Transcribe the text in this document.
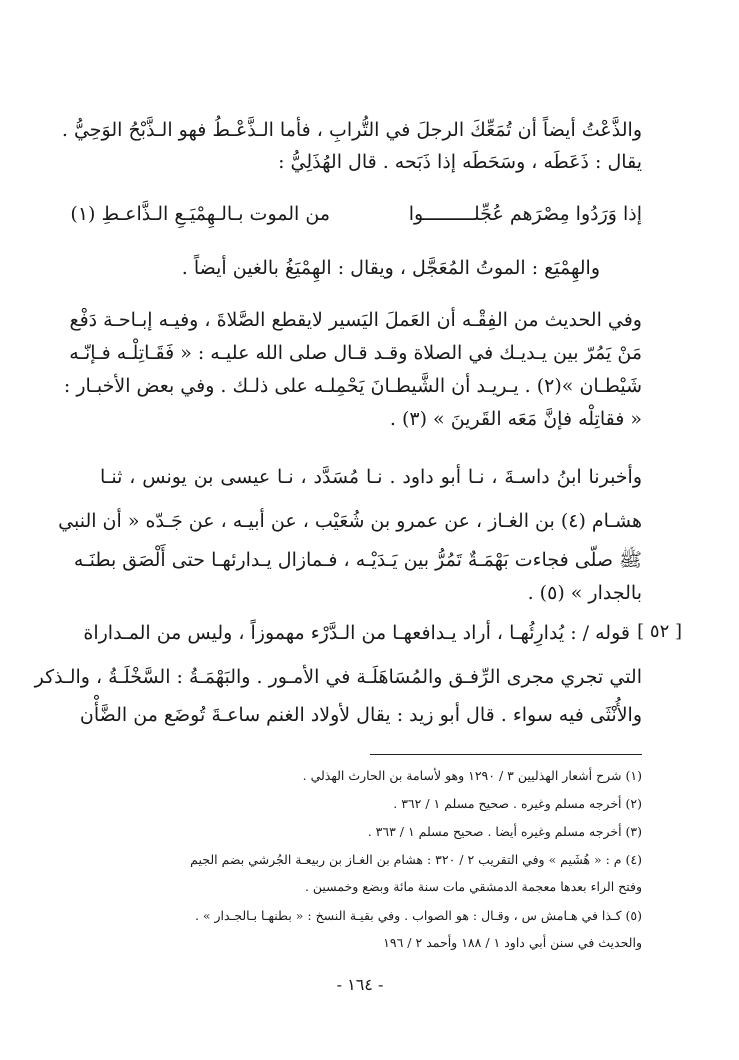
والذَّعْتُ أيضاً أن تُمَعِّكَ الرجلَ في التُّرابِ ، فأما الـذَّعْـطُ فهو الـذَّبْحُ الوَحِيُّ .
يقال : ذَعَطَه ، وسَحَطَه إذا ذَبَحه . قال الهُذَلِيُّ :
إذا وَرَدُوا مِصْرَهم عُجِّلـــــــــوا
من الموت بـالـهِمْيَـعِ الـذَّاعـطِ (١)
والهِمْيَع : الموتُ المُعَجَّل ، ويقال : الهِمْيَغُ بالغين أيضاً .
وفي الحديث من الفِقْـه أن العَملَ اليَسير لايقطع الصَّلاةَ ، وفيـه إبـاحـة دَفْع
مَنْ يَمُرّ بين يـديـك في الصلاة وقـد قـال صلى الله عليـه : « فَقَـاتِلْـه فـإنّـه
شَيْطـان »(٢) . يـريـد أن الشَّيطـانَ يَحْمِلـه على ذلـك . وفي بعض الأخبـار :
« فقاتِلْه فإنَّ مَعَه القَرينَ » (٣) .
وأخبرنا ابنُ داسـةَ ، نـا أبو داود . نـا مُسَدَّد ، نـا عيسى بن يونس ، ثنـا
هشـام (٤) بن الغـاز ، عن عمرو بن شُعَيْب ، عن أبيـه ، عن جَـدّه « أن النبي
ﷺ صلّى فجاءت بَهْمَـةٌ تَمُرُّ بين يَـدَيْـه ، فـمازال يـدارئهـا حتى أَلْصَق بطنَـه
بالجدار » (٥) .
[ ٥٢ ]
قوله / : يُدارِئُهـا ، أراد يـدافعهـا من الـدَّرْء مهموزاً ، وليس من المـداراة
التي تجري مجرى الرِّفـق والمُسَاهَلَـة في الأمـور . والبَهْمَـةُ : السَّخْلَـةُ ، والـذكر
والأُنْثَى فيه سواء . قال أبو زيد : يقال لأولاد الغنم ساعـةَ تُوضَع من الضَّأْن
(١) شرح أشعار الهذليين ٣ / ١٢٩٠ وهو لأسامة بن الحارث الهذلي .
(٢) أخرجه مسلم وغيره . صحيح مسلم ١ / ٣٦٢ .
(٣) أخرجه مسلم وغيره أيضا . صحيح مسلم ١ / ٣٦٣ .
(٤) م : « هُشَيم » وفي التقريب ٢ / ٣٢٠ : هشام بن الغـاز بن ربيعـة الجُرشي بضم الجيم
وفتح الراء بعدها معجمة الدمشقي مات سنة مائة وبضع وخمسين .
(٥) كـذا في هـامش س ، وقـال : هو الصواب . وفي بقيـة النسخ : « بطنهـا بـالجـدار » .
والحديث في سنن أبي داود ١ / ١٨٨ وأحمد ٢ / ١٩٦
- ١٦٤ -
